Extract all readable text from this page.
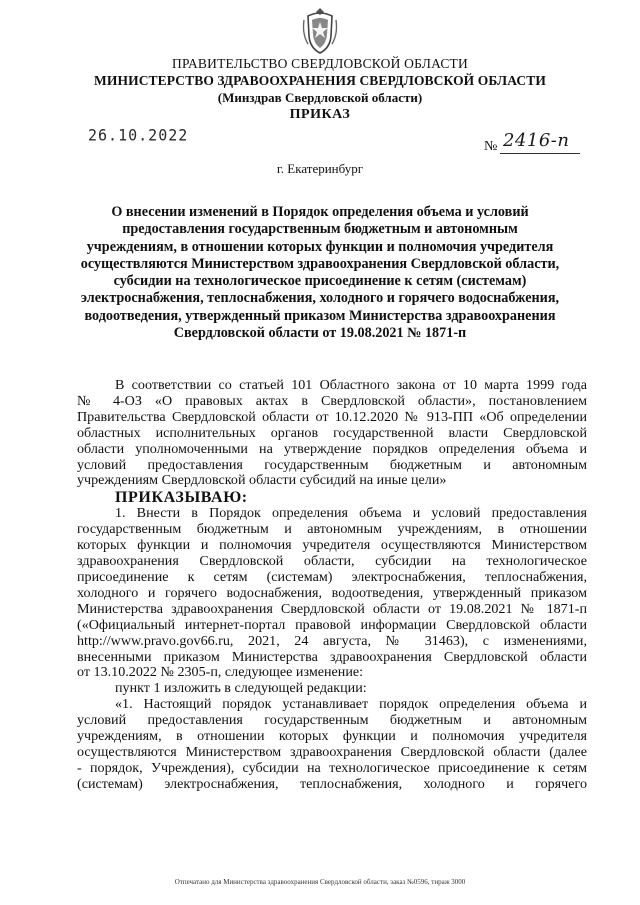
ПРАВИТЕЛЬСТВО СВЕРДЛОВСКОЙ ОБЛАСТИ
МИНИСТЕРСТВО ЗДРАВООХРАНЕНИЯ СВЕРДЛОВСКОЙ ОБЛАСТИ
(Минздрав Свердловской области)
ПРИКАЗ
26.10.2022
№ 2416-п
г. Екатеринбург
О внесении изменений в Порядок определения объема и условий
предоставления государственным бюджетным и автономным
учреждениям, в отношении которых функции и полномочия учредителя
осуществляются Министерством здравоохранения Свердловской области,
субсидии на технологическое присоединение к сетям (системам)
электроснабжения, теплоснабжения, холодного и горячего водоснабжения,
водоотведения, утвержденный приказом Министерства здравоохранения
Свердловской области от 19.08.2021 № 1871-п
В соответствии со статьей 101 Областного закона от 10 марта 1999 года
№ 4-ОЗ «О правовых актах в Свердловской области», постановлением
Правительства Свердловской области от 10.12.2020 № 913-ПП «Об определении
областных исполнительных органов государственной власти Свердловской
области уполномоченными на утверждение порядков определения объема и
условий предоставления государственным бюджетным и автономным
учреждениям Свердловской области субсидий на иные цели»
ПРИКАЗЫВАЮ:
1. Внести в Порядок определения объема и условий предоставления
государственным бюджетным и автономным учреждениям, в отношении
которых функции и полномочия учредителя осуществляются Министерством
здравоохранения Свердловской области, субсидии на технологическое
присоединение к сетям (системам) электроснабжения, теплоснабжения,
холодного и горячего водоснабжения, водоотведения, утвержденный приказом
Министерства здравоохранения Свердловской области от 19.08.2021 № 1871-п
(«Официальный интернет-портал правовой информации Свердловской области
http://www.pravo.gov66.ru, 2021, 24 августа, № 31463), с изменениями,
внесенными приказом Министерства здравоохранения Свердловской области
от 13.10.2022 № 2305-п, следующее изменение:
пункт 1 изложить в следующей редакции:
«1. Настоящий порядок устанавливает порядок определения объема и
условий предоставления государственным бюджетным и автономным
учреждениям, в отношении которых функции и полномочия учредителя
осуществляются Министерством здравоохранения Свердловской области (далее
- порядок, Учреждения), субсидии на технологическое присоединение к сетям
(системам) электроснабжения, теплоснабжения, холодного и горячего
Отпечатано для Министерства здравоохранения Свердловской области, заказ №0596, тираж 3000
